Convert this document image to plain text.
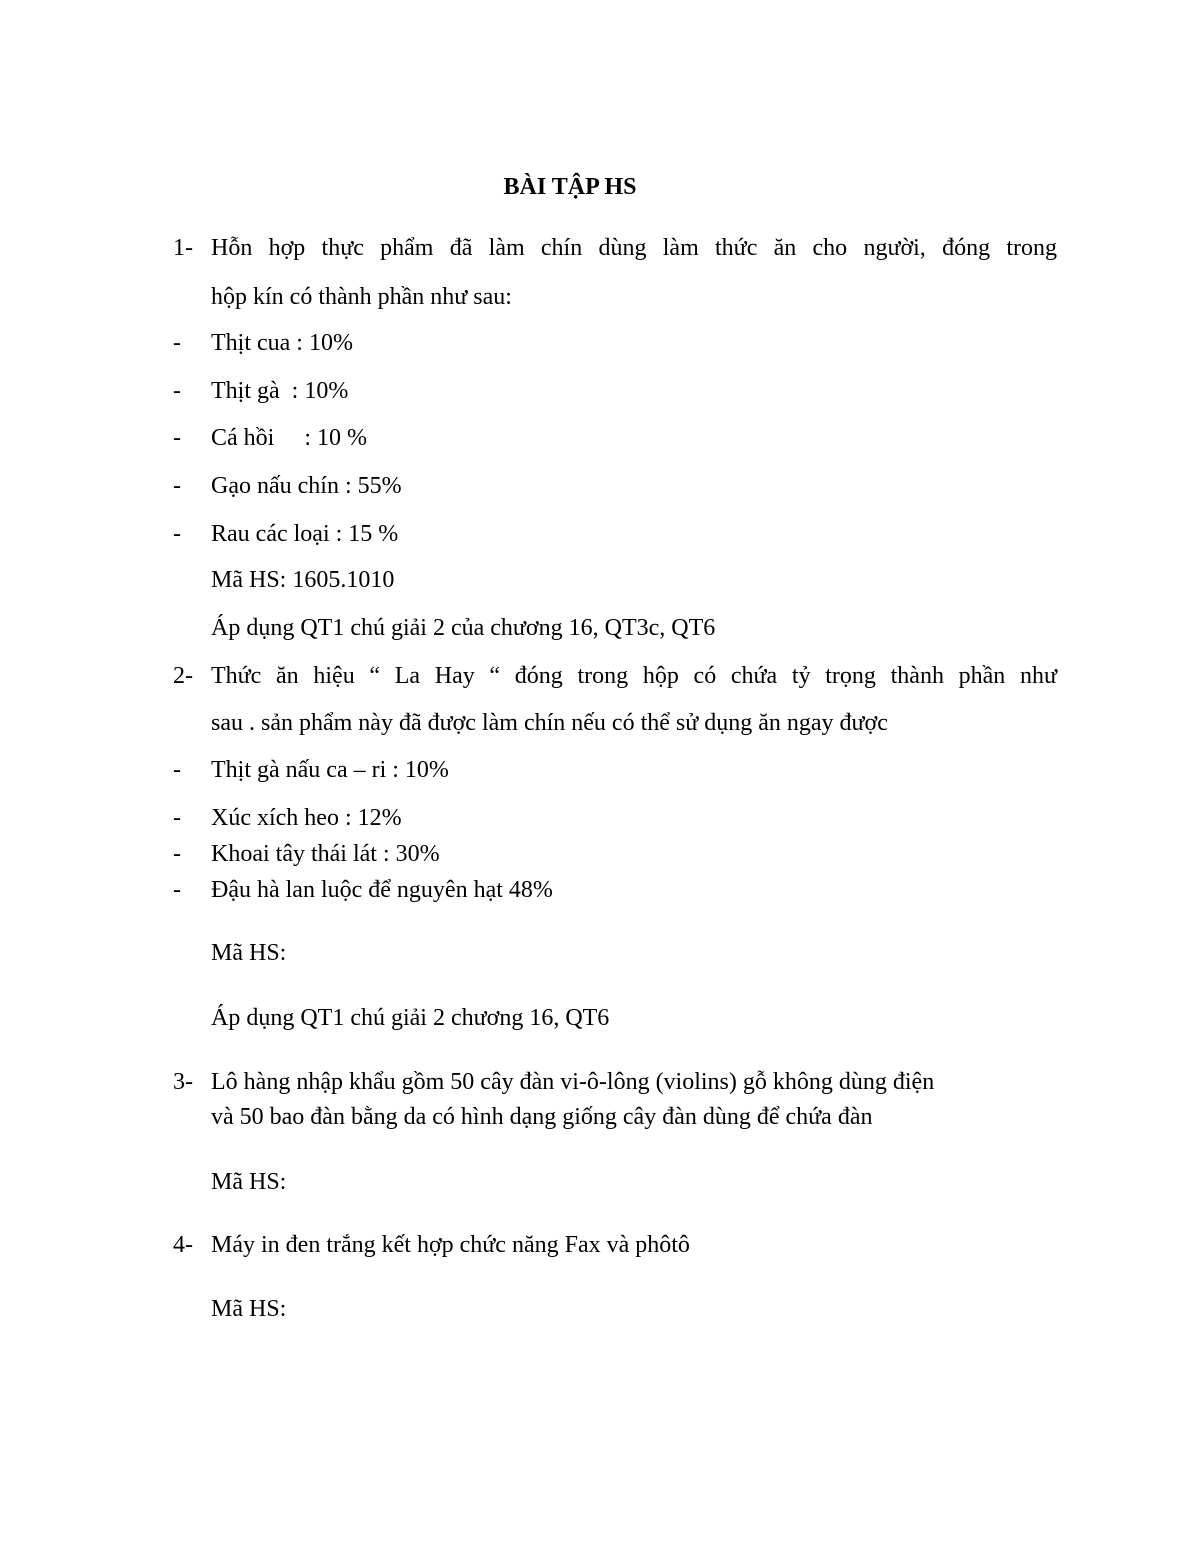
BÀI TẬP HS
1- Hỗn hợp thực phẩm đã làm chín dùng làm thức ăn cho người, đóng trong
hộp kín có thành phần như sau:
- Thịt cua : 10%
- Thịt gà  : 10%
- Cá hồi     : 10 %
- Gạo nấu chín : 55%
- Rau các loại : 15 %
Mã HS: 1605.1010
Áp dụng QT1 chú giải 2 của chương 16, QT3c, QT6
2- Thức ăn hiệu “ La Hay “ đóng trong hộp có chứa tỷ trọng thành phần như
sau . sản phẩm này đã được làm chín nếu có thể sử dụng ăn ngay được
- Thịt gà nấu ca – ri : 10%
- Xúc xích heo : 12%
- Khoai tây thái lát : 30%
- Đậu hà lan luộc để nguyên hạt 48%
Mã HS:
Áp dụng QT1 chú giải 2 chương 16, QT6
3- Lô hàng nhập khẩu gồm 50 cây đàn vi-ô-lông (violins) gỗ không dùng điện
và 50 bao đàn bằng da có hình dạng giống cây đàn dùng để chứa đàn
Mã HS:
4- Máy in đen trắng kết hợp chức năng Fax và phôtô
Mã HS:
